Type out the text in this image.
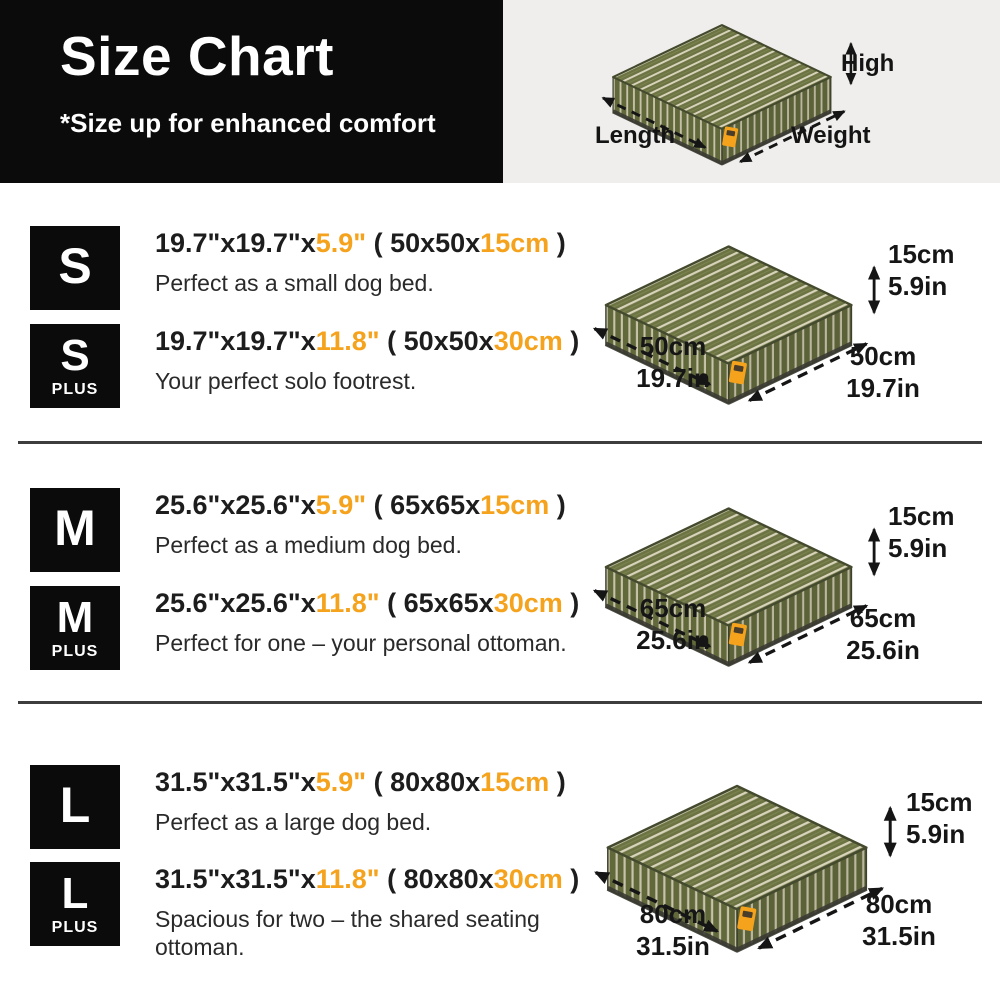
Size Chart

*Size up for enhanced comfort	Length	Weight
High
S 19.7"x19.7"x5.9" ( 50x50x15cm )
Perfect as a small dog bed.
S
PLUS
19.7"x19.7"x11.8" ( 50x50x30cm )
Your perfect solo footrest.
15cm
5.9in
50cm
19.7in
50cm
19.7in
M 25.6"x25.6"x5.9" ( 65x65x15cm )
Perfect as a medium dog bed.
M
PLUS
25.6"x25.6"x11.8" ( 65x65x30cm )
Perfect for one – your personal ottoman.
15cm
5.9in
65cm
25.6in
65cm
25.6in
L 31.5"x31.5"x5.9" ( 80x80x15cm )
Perfect as a large dog bed.
L
PLUS
31.5"x31.5"x11.8" ( 80x80x30cm )
Spacious for two – the shared seating ottoman.
15cm
5.9in
80cm
31.5in
80cm
31.5in
